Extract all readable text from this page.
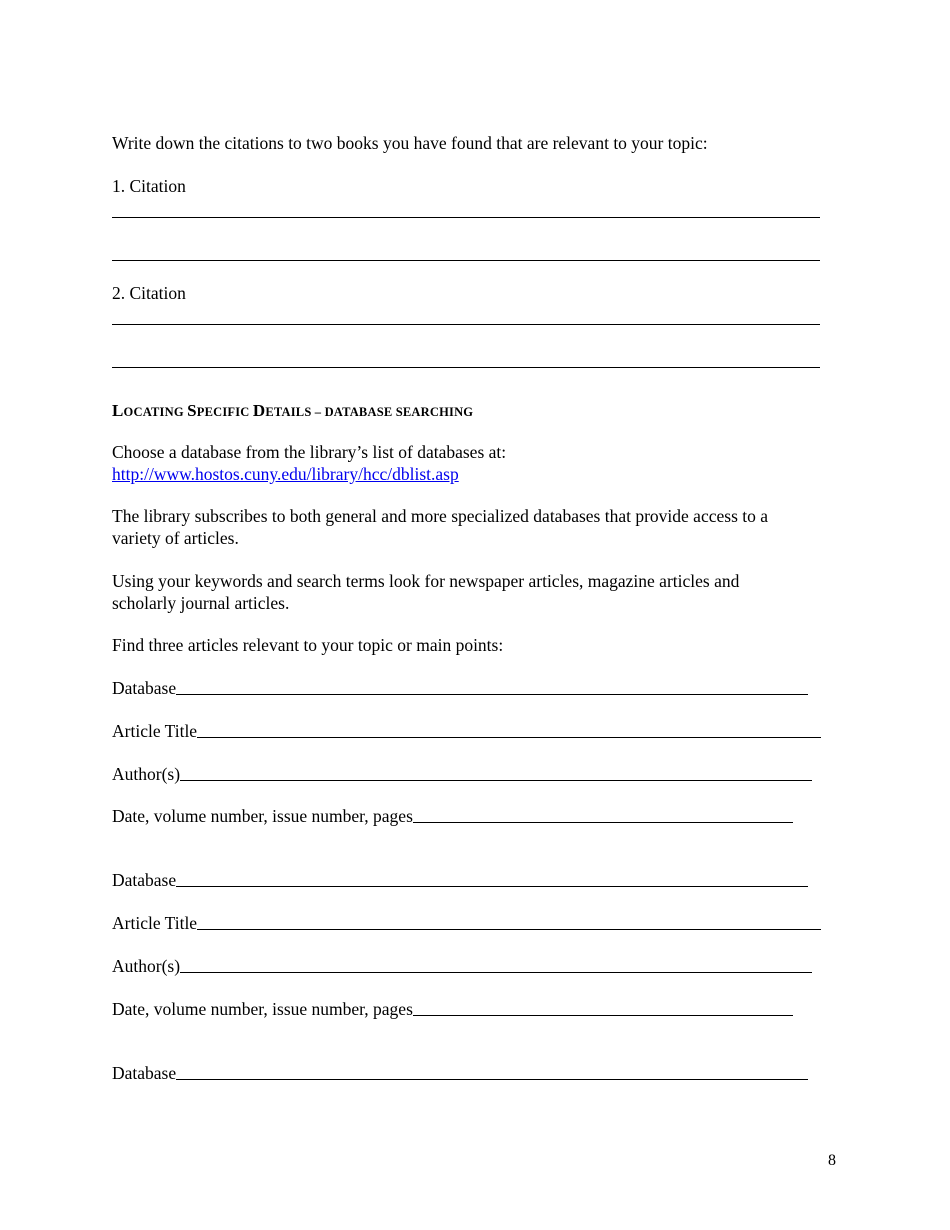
Write down the citations to two books you have found that are relevant to your topic:
1. Citation
2. Citation
LOCATING SPECIFIC DETAILS – DATABASE SEARCHING
Choose a database from the library’s list of databases at:
http://www.hostos.cuny.edu/library/hcc/dblist.asp
The library subscribes to both general and more specialized databases that provide access to a
variety of articles.
Using your keywords and search terms look for newspaper articles, magazine articles and
scholarly journal articles.
Find three articles relevant to your topic or main points:
Database
Article Title
Author(s)
Date, volume number, issue number, pages
Database
Article Title
Author(s)
Date, volume number, issue number, pages
Database
8
